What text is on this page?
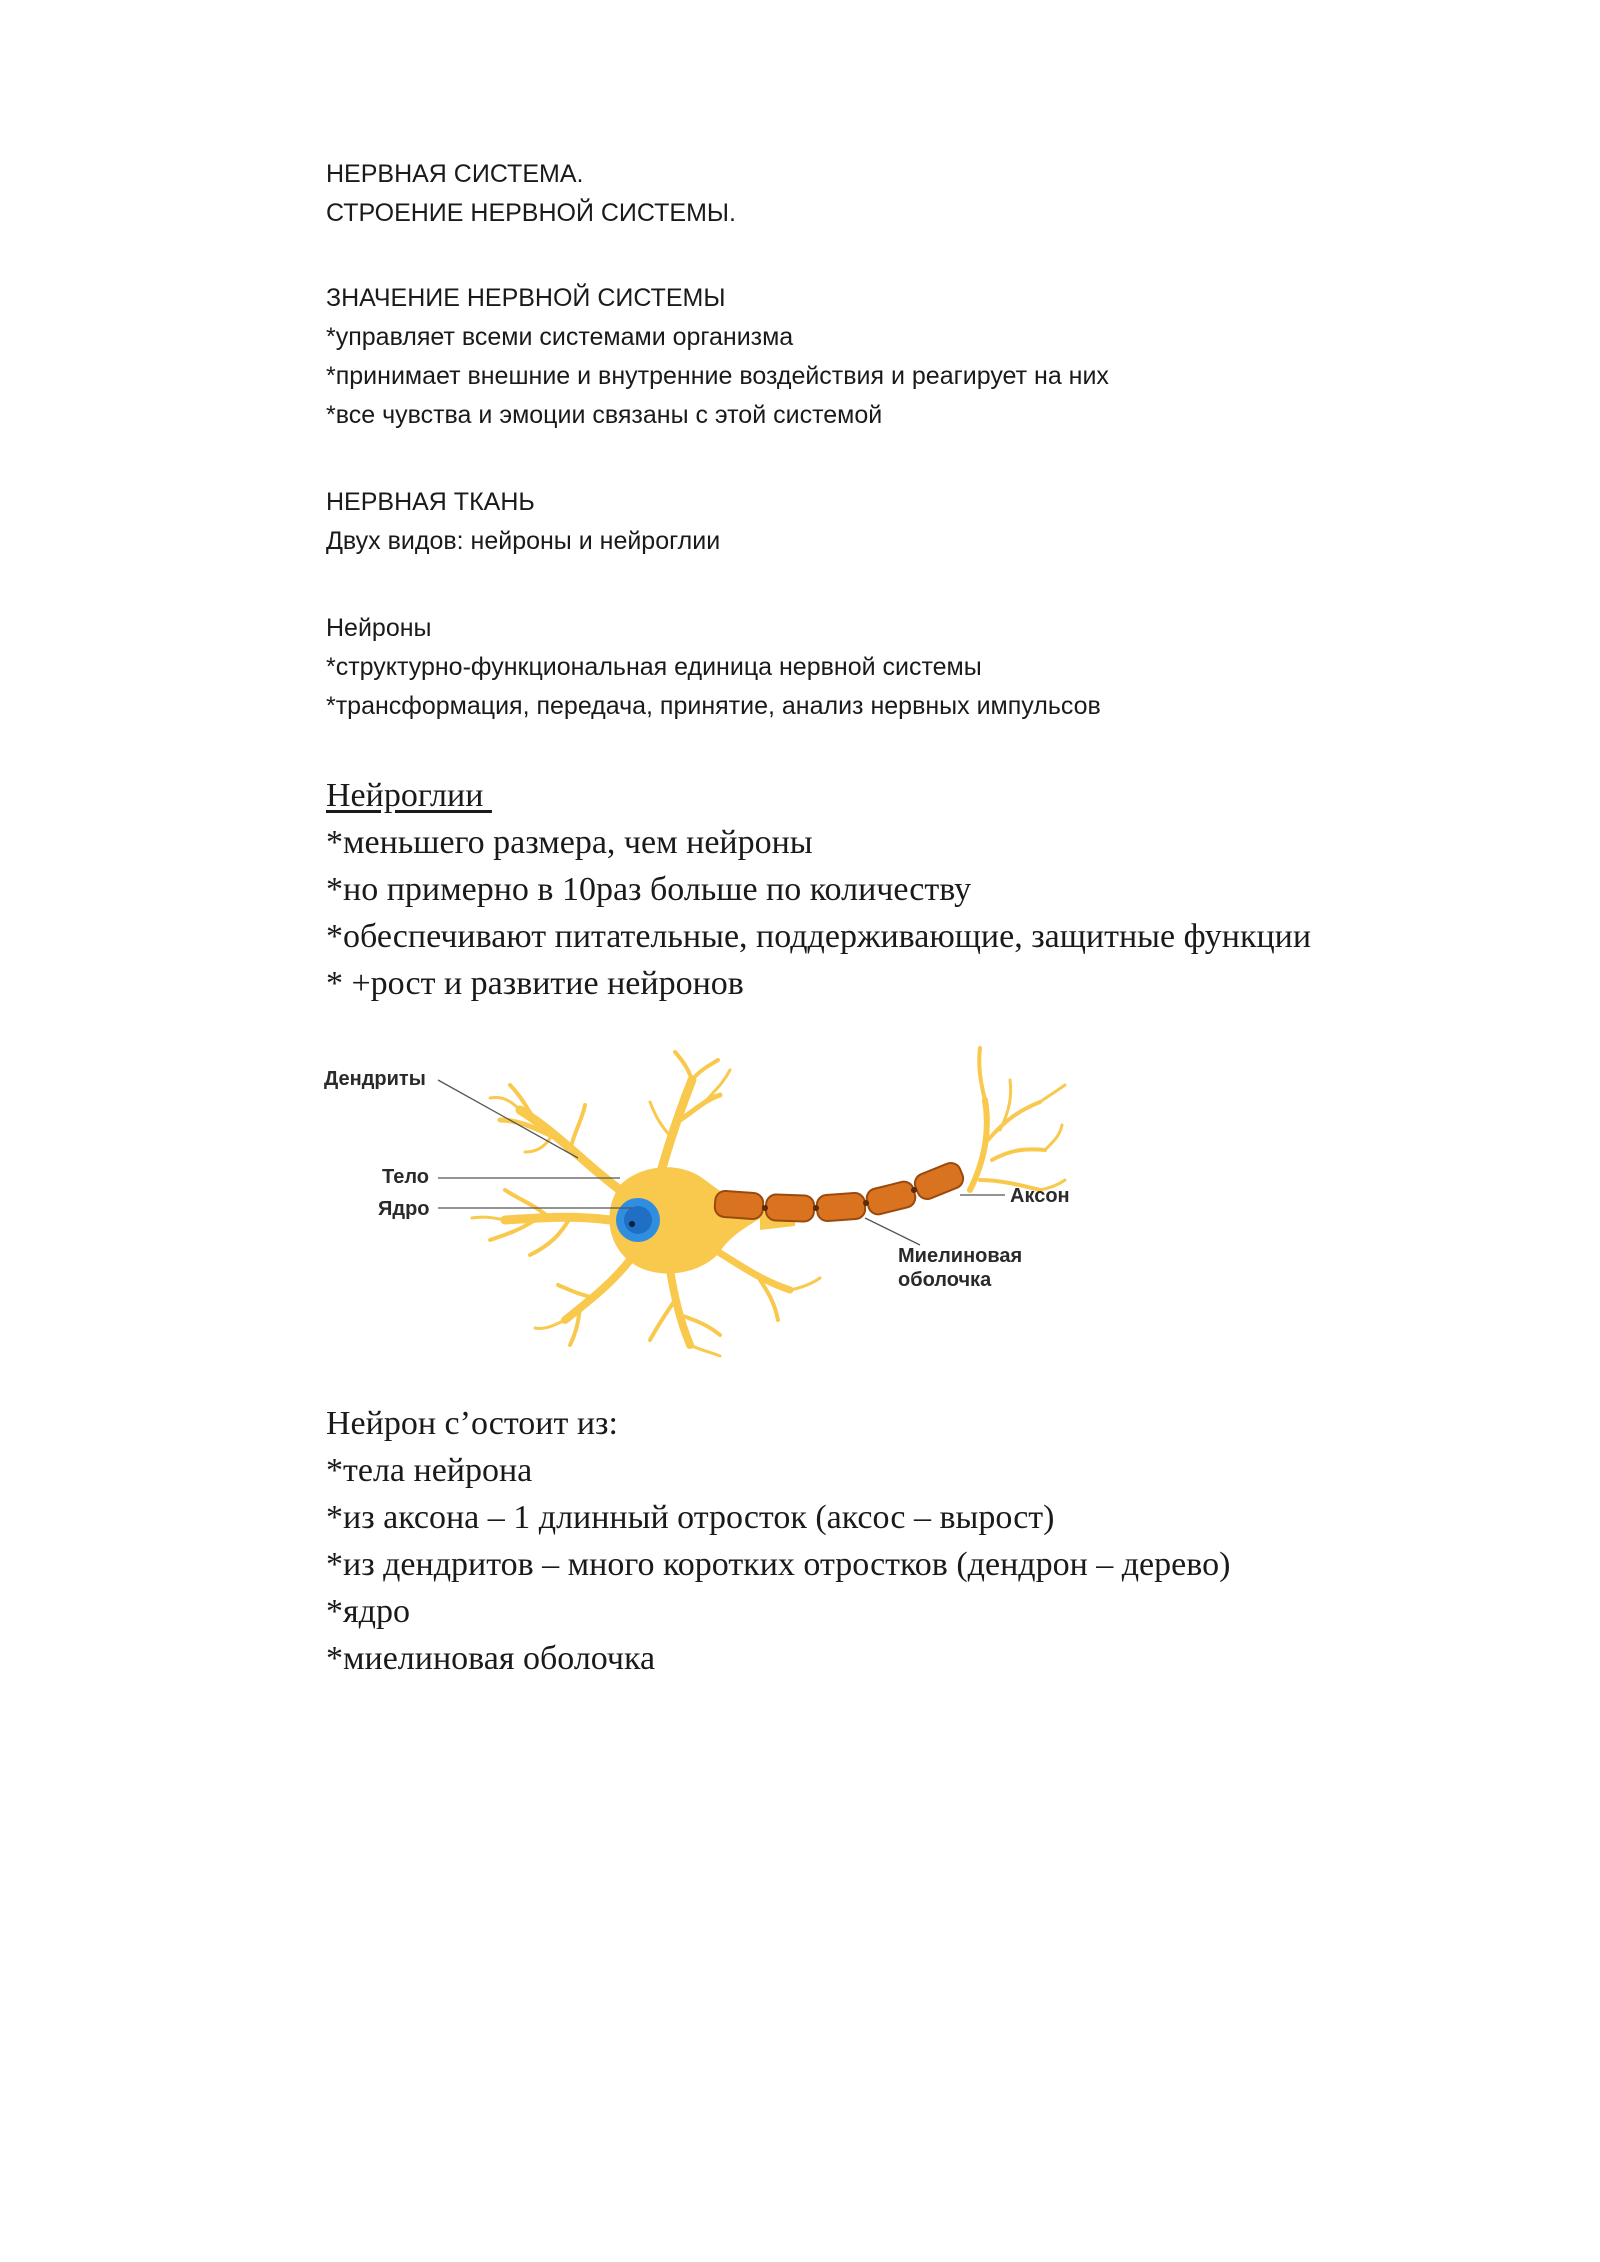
НЕРВНАЯ СИСТЕМА.

СТРОЕНИЕ НЕРВНОЙ СИСТЕМЫ.

ЗНАЧЕНИЕ НЕРВНОЙ СИСТЕМЫ

*управляет всеми системами организма

*принимает внешние и внутренние воздействия и реагирует на них

*все чувства и эмоции связаны с этой системой

НЕРВНАЯ ТКАНЬ

Двух видов: нейроны и нейроглии

Нейроны

*структурно-функциональная единица нервной системы

*трансформация, передача, принятие, анализ нервных импульсов

Нейроглии

*меньшего размера, чем нейроны

*но примерно в 10раз больше по количеству

*обеспечивают питательные, поддерживающие, защитные функции

* +рост и развитие нейронов

Дендриты
Тело
Ядро
Аксон
Миелиновая
оболочка

Нейрон с’остоит из:

*тела нейрона

*из аксона – 1 длинный отросток (аксос – вырост)

*из дендритов – много коротких отростков (дендрон – дерево)

*ядро

*миелиновая оболочка
